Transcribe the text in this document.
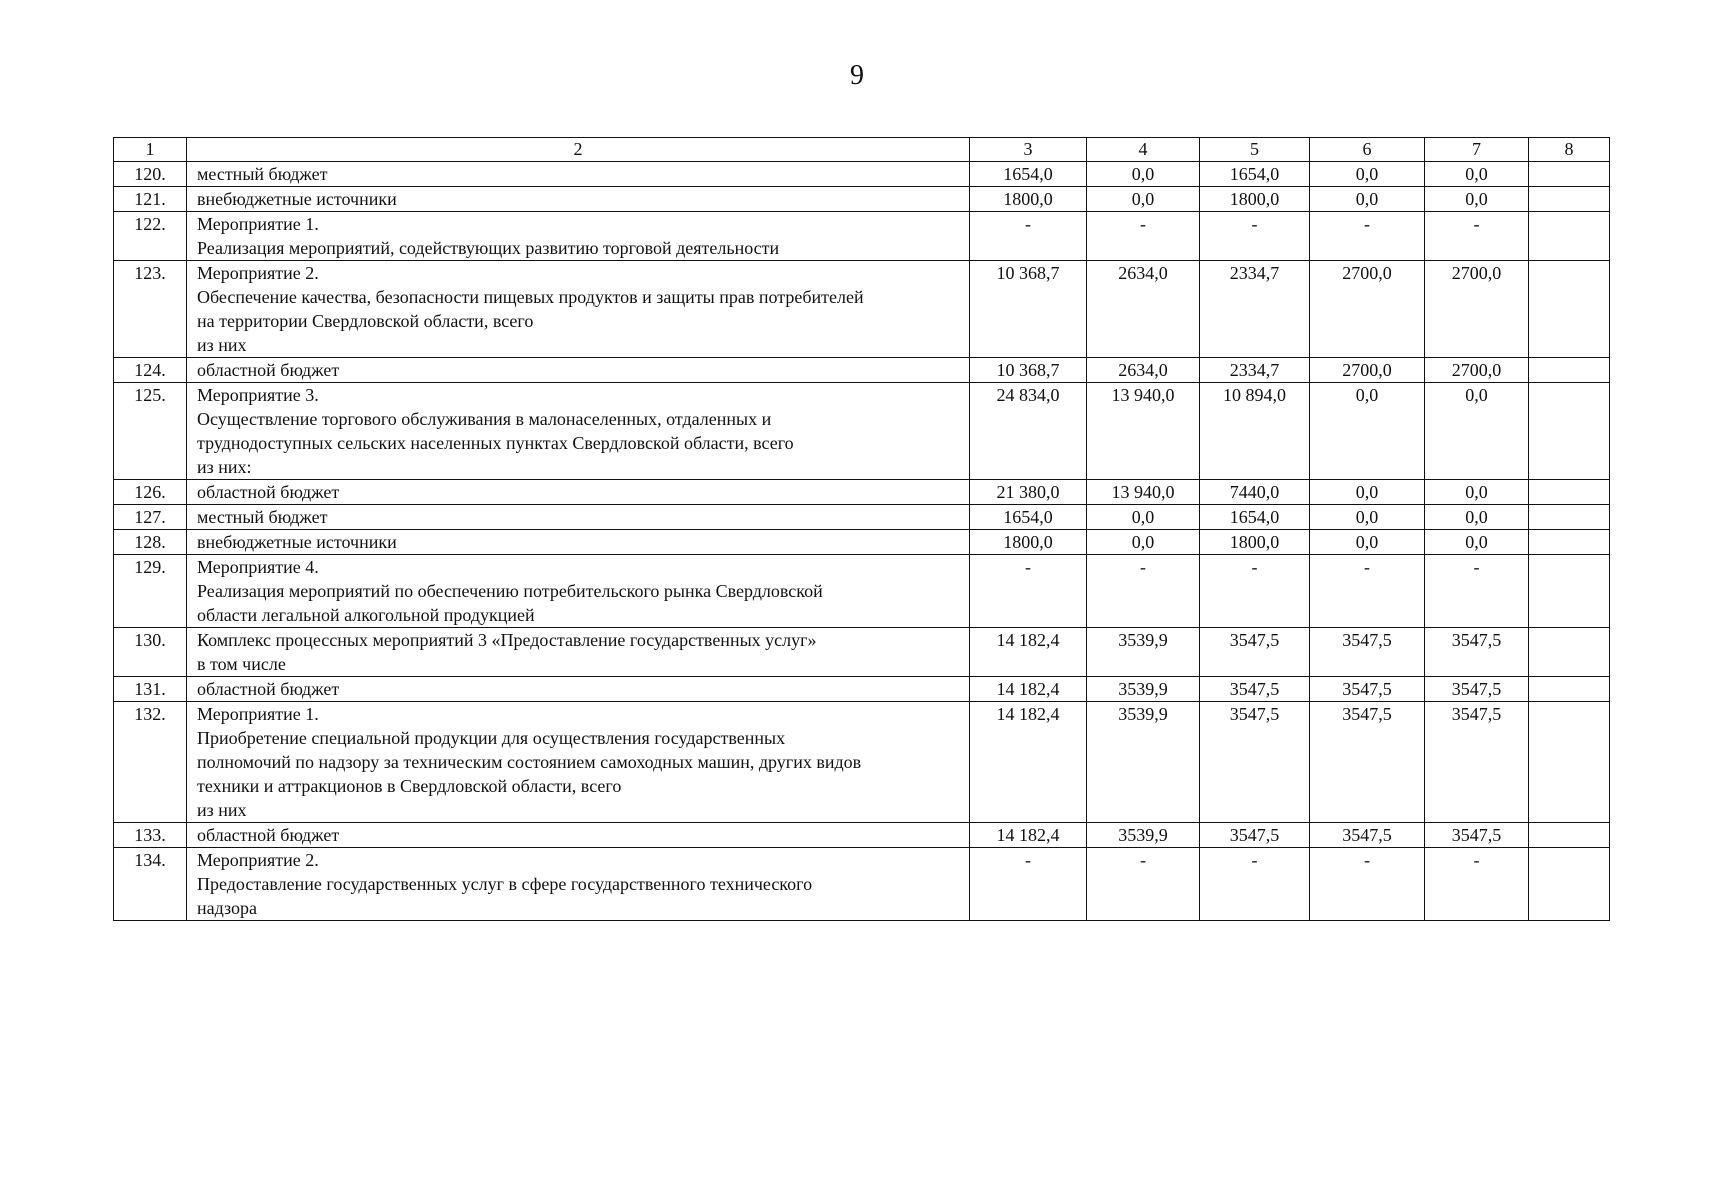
9
1	2	3	4	5	6	7	8
120.	местный бюджет	1654,0	0,0	1654,0	0,0	0,0	
121.	внебюджетные источники	1800,0	0,0	1800,0	0,0	0,0	
122.	Мероприятие 1.
Реализация мероприятий, содействующих развитию торговой деятельности	-	-	-	-	-	
123.	Мероприятие 2.
Обеспечение качества, безопасности пищевых продуктов и защиты прав потребителей
на территории Свердловской области, всего
из них	10 368,7	2634,0	2334,7	2700,0	2700,0	
124.	областной бюджет	10 368,7	2634,0	2334,7	2700,0	2700,0	
125.	Мероприятие 3.
Осуществление торгового обслуживания в малонаселенных, отдаленных и
труднодоступных сельских населенных пунктах Свердловской области, всего
из них:	24 834,0	13 940,0	10 894,0	0,0	0,0	
126.	областной бюджет	21 380,0	13 940,0	7440,0	0,0	0,0	
127.	местный бюджет	1654,0	0,0	1654,0	0,0	0,0	
128.	внебюджетные источники	1800,0	0,0	1800,0	0,0	0,0	
129.	Мероприятие 4.
Реализация мероприятий по обеспечению потребительского рынка Свердловской
области легальной алкогольной продукцией	-	-	-	-	-	
130.	Комплекс процессных мероприятий 3 «Предоставление государственных услуг»
в том числе	14 182,4	3539,9	3547,5	3547,5	3547,5	
131.	областной бюджет	14 182,4	3539,9	3547,5	3547,5	3547,5	
132.	Мероприятие 1.
Приобретение специальной продукции для осуществления государственных
полномочий по надзору за техническим состоянием самоходных машин, других видов
техники и аттракционов в Свердловской области, всего
из них	14 182,4	3539,9	3547,5	3547,5	3547,5	
133.	областной бюджет	14 182,4	3539,9	3547,5	3547,5	3547,5	
134.	Мероприятие 2.
Предоставление государственных услуг в сфере государственного технического
надзора	-	-	-	-	-	
